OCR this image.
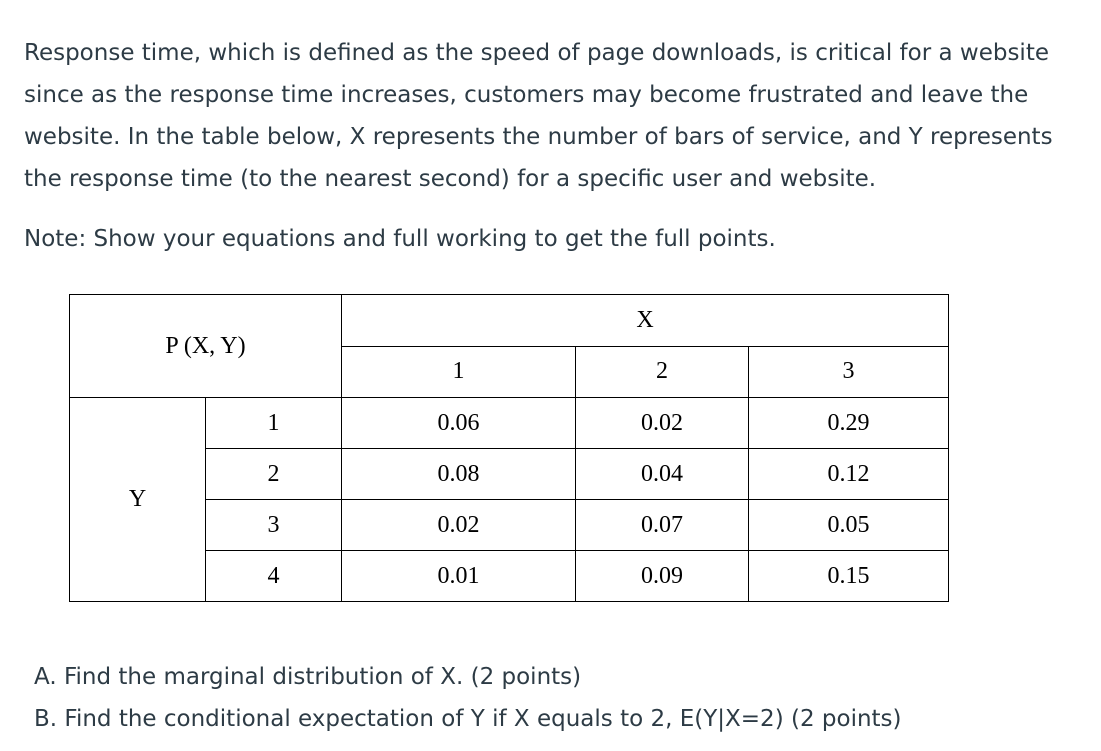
Response time, which is defined as the speed of page downloads, is critical for a website since as the response time increases, customers may become frustrated and leave the website. In the table below, X represents the number of bars of service, and Y represents the response time (to the nearest second) for a specific user and website.

Note: Show your equations and full working to get the full points.

P (X, Y)		X		
		1	2	3
Y	1	0.06	0.02	0.29
	2	0.08	0.04	0.12
	3	0.02	0.07	0.05
	4	0.01	0.09	0.15
A. Find the marginal distribution of X. (2 points)
B. Find the conditional expectation of Y if X equals to 2, E(Y|X=2) (2 points)
